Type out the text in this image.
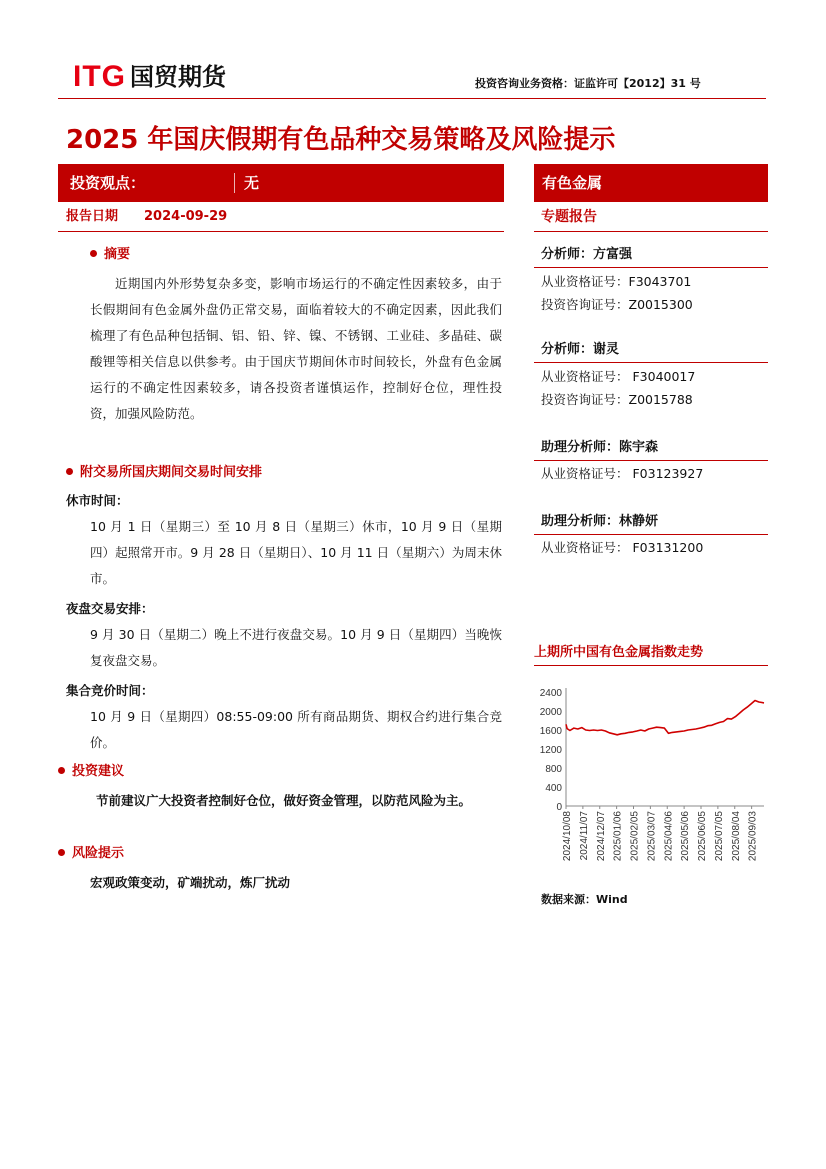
ITG 国贸期货	投资咨询业务资格：证监许可【2012】31 号
2025 年国庆假期有色品种交易策略及风险提示
投资观点：	无	有色金属
报告日期 2024-09-29	专题报告
摘要
近期国内外形势复杂多变，影响市场运行的不确定性因素较多，由于长假期间有色金属外盘仍正常交易，面临着较大的不确定因素，因此我们梳理了有色品种包括铜、铝、铅、锌、镍、不锈钢、工业硅、多晶硅、碳酸锂等相关信息以供参考。由于国庆节期间休市时间较长，外盘有色金属运行的不确定性因素较多，请各投资者谨慎运作，控制好仓位，理性投资，加强风险防范。
附交易所国庆期间交易时间安排
休市时间：
10 月 1 日（星期三）至 10 月 8 日（星期三）休市，10 月 9 日（星期四）起照常开市。9 月 28 日（星期日）、10 月 11 日（星期六）为周末休市。
夜盘交易安排：
9 月 30 日（星期二）晚上不进行夜盘交易。10 月 9 日（星期四）当晚恢复夜盘交易。
集合竞价时间：
10 月 9 日（星期四）08:55-09:00 所有商品期货、期权合约进行集合竞价。
投资建议
节前建议广大投资者控制好仓位，做好资金管理，以防范风险为主。
风险提示
宏观政策变动，矿端扰动，炼厂扰动
分析师：方富强
从业资格证号：F3043701
投资咨询证号：Z0015300
分析师：谢灵
从业资格证号： F3040017
投资咨询证号：Z0015788
助理分析师：陈宇森
从业资格证号： F03123927
助理分析师：林静妍
从业资格证号： F03131200
上期所中国有色金属指数走势
0
400
800
1200
1600
2000
2400
2024/10/08 2024/11/07 2024/12/07 2025/01/06 2025/02/05 2025/03/07 2025/04/06 2025/05/06 2025/06/05 2025/07/05 2025/08/04 2025/09/03
数据来源：Wind
